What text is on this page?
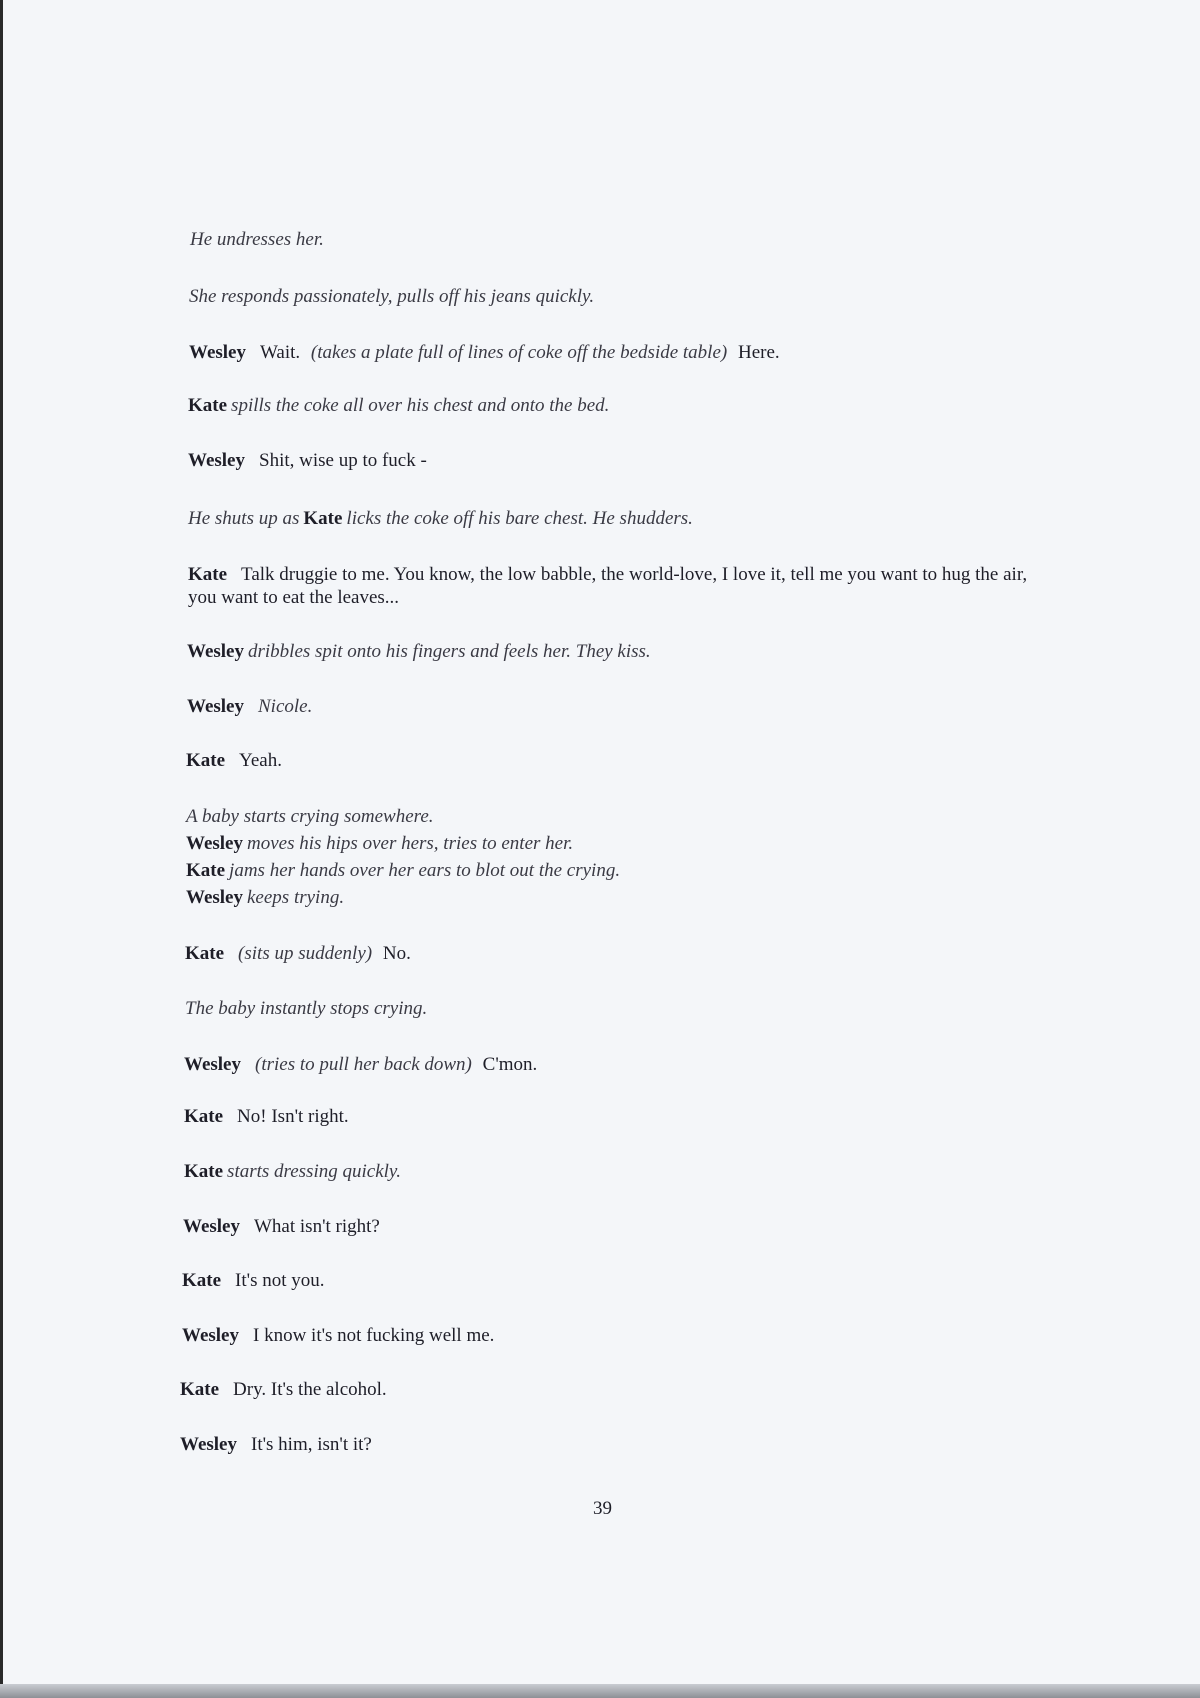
He undresses her.
She responds passionately, pulls off his jeans quickly.
Wesley Wait. (takes a plate full of lines of coke off the bedside table) Here.
Kate spills the coke all over his chest and onto the bed.
Wesley Shit, wise up to fuck -
He shuts up as Kate licks the coke off his bare chest. He shudders.
Kate Talk druggie to me. You know, the low babble, the world-love, I love it, tell me you want to hug the air, you want to eat the leaves...
Wesley dribbles spit onto his fingers and feels her. They kiss.
Wesley Nicole.
Kate Yeah.
A baby starts crying somewhere.
Wesley moves his hips over hers, tries to enter her.
Kate jams her hands over her ears to blot out the crying.
Wesley keeps trying.
Kate (sits up suddenly) No.
The baby instantly stops crying.
Wesley (tries to pull her back down) C'mon.
Kate No! Isn't right.
Kate starts dressing quickly.
Wesley What isn't right?
Kate It's not you.
Wesley I know it's not fucking well me.
Kate Dry. It's the alcohol.
Wesley It's him, isn't it?
39
